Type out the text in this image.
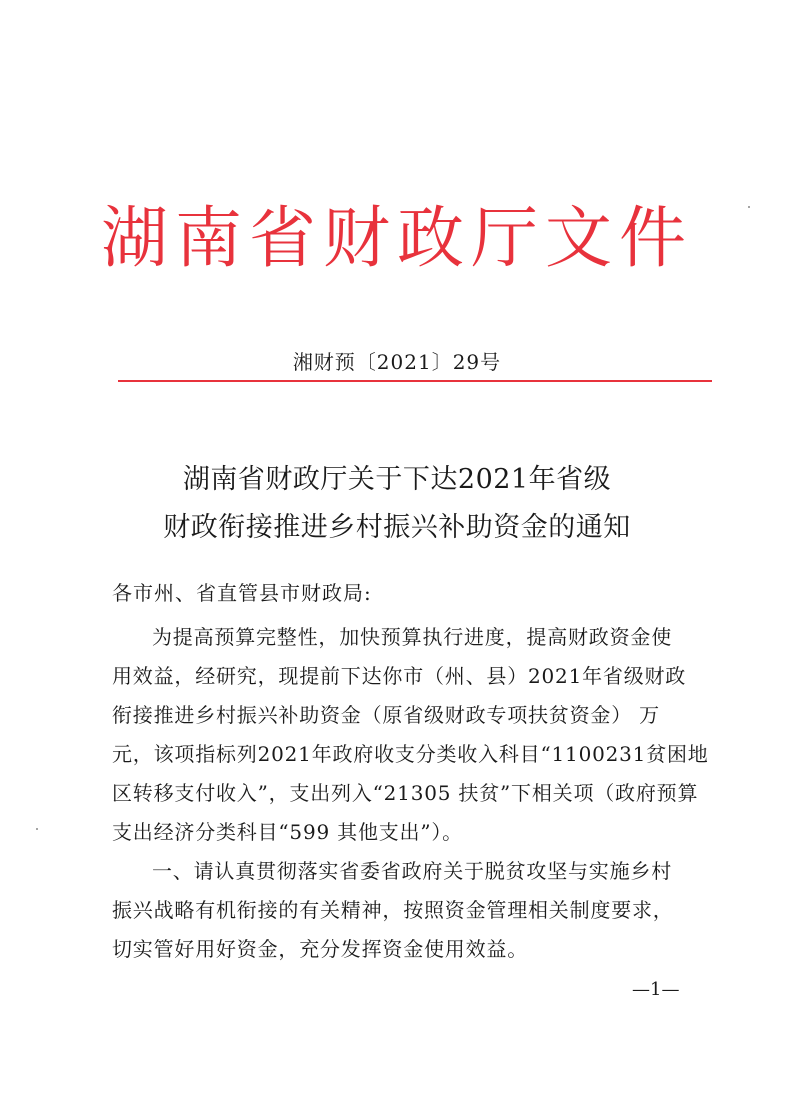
湖南省财政厅文件
湘财预〔2021〕29号
湖南省财政厅关于下达2021年省级
财政衔接推进乡村振兴补助资金的通知
各市州、省直管县市财政局:
为提高预算完整性，加快预算执行进度，提高财政资金使
用效益，经研究，现提前下达你市（州、县）2021年省级财政
衔接推进乡村振兴补助资金（原省级财政专项扶贫资金） 万
元，该项指标列2021年政府收支分类收入科目“1100231贫困地
区转移支付收入”，支出列入“21305 扶贫”下相关项（政府预算
支出经济分类科目“599 其他支出”）。
一、请认真贯彻落实省委省政府关于脱贫攻坚与实施乡村
振兴战略有机衔接的有关精神，按照资金管理相关制度要求，
切实管好用好资金，充分发挥资金使用效益。
—1—
